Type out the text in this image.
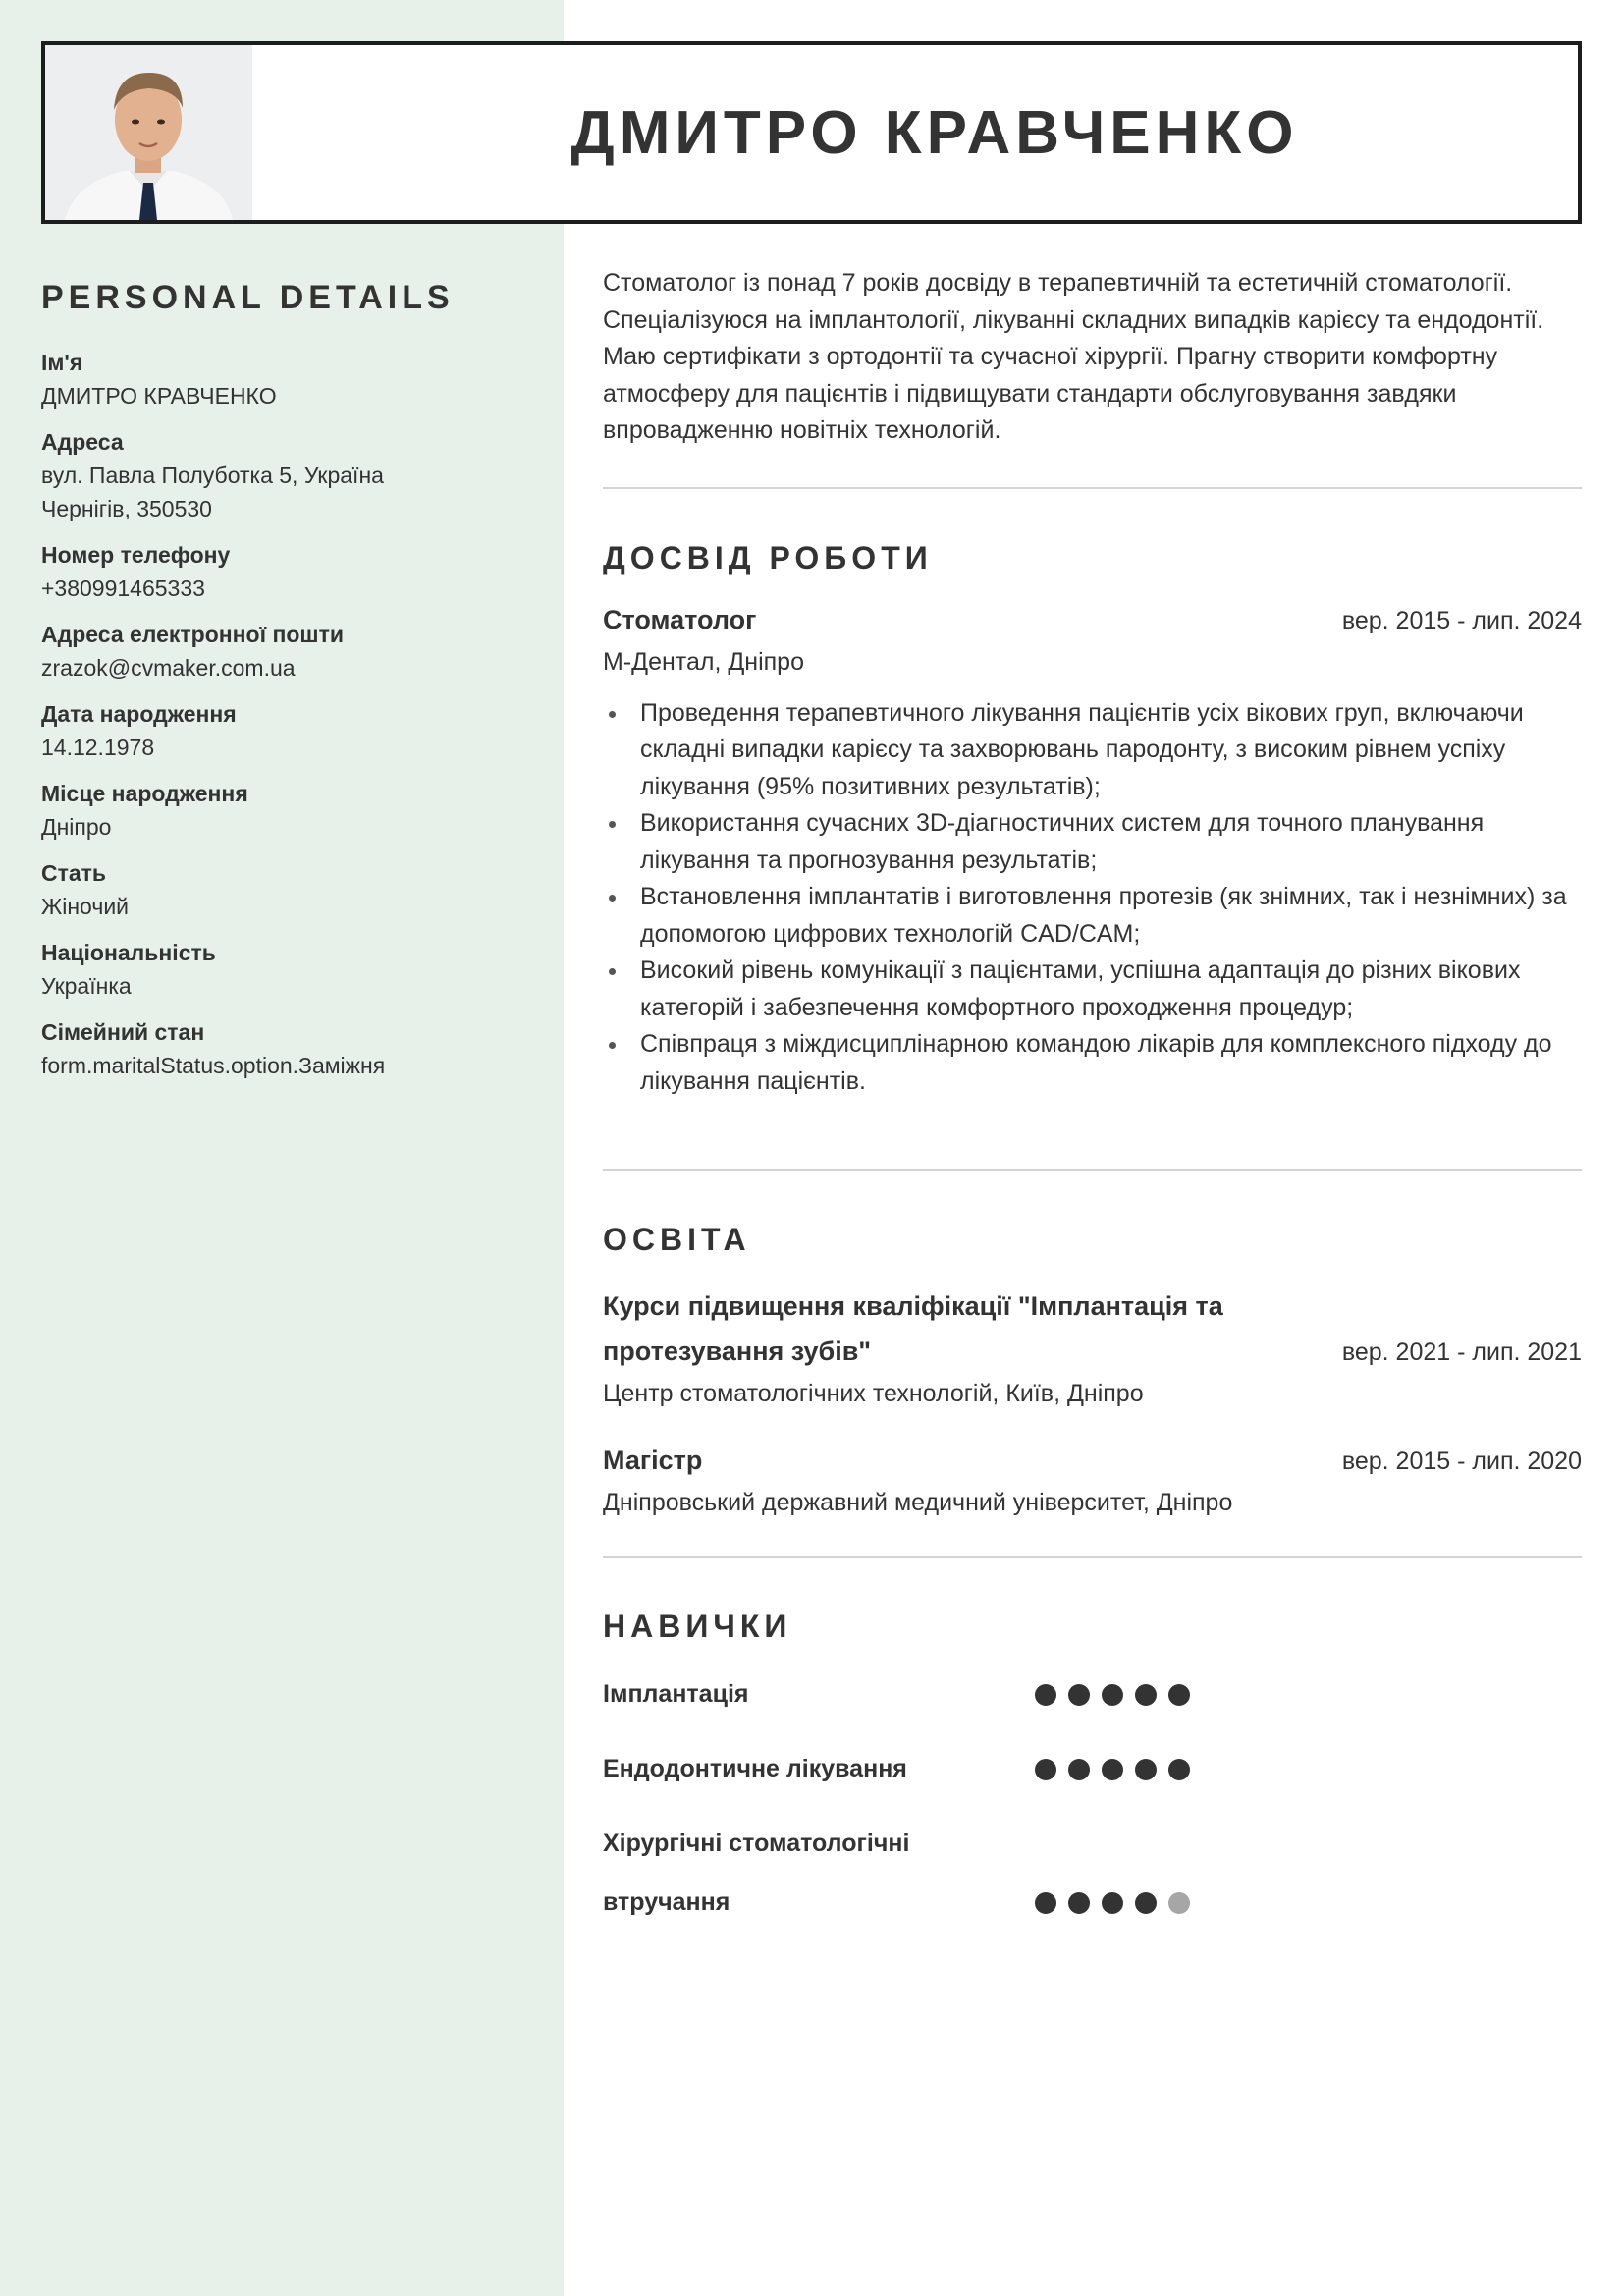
ДМИТРО КРАВЧЕНКО
PERSONAL DETAILS
Ім'я
ДМИТРО КРАВЧЕНКО
Адреса
вул. Павла Полуботка 5, Україна
Чернігів, 350530
Номер телефону
+380991465333
Адреса електронної пошти
zrazok@cvmaker.com.ua
Дата народження
14.12.1978
Місце народження
Дніпро
Стать
Жіночий
Національність
Українка
Сімейний стан
form.maritalStatus.option.Заміжня
Стоматолог із понад 7 років досвіду в терапевтичній та естетичній стоматології. Спеціалізуюся на імплантології, лікуванні складних випадків карієсу та ендодонтії. Маю сертифікати з ортодонтії та сучасної хірургії. Прагну створити комфортну атмосферу для пацієнтів і підвищувати стандарти обслуговування завдяки впровадженню новітніх технологій.
ДОСВІД РОБОТИ
Стоматолог	вер. 2015 - лип. 2024
М-Дентал, Дніпро
Проведення терапевтичного лікування пацієнтів усіх вікових груп, включаючи складні випадки карієсу та захворювань пародонту, з високим рівнем успіху лікування (95% позитивних результатів);
Використання сучасних 3D-діагностичних систем для точного планування лікування та прогнозування результатів;
Встановлення імплантатів і виготовлення протезів (як знімних, так і незнімних) за допомогою цифрових технологій CAD/CAM;
Високий рівень комунікації з пацієнтами, успішна адаптація до різних вікових категорій і забезпечення комфортного проходження процедур;
Співпраця з міждисциплінарною командою лікарів для комплексного підходу до лікування пацієнтів.
ОСВІТА
Курси підвищення кваліфікації "Імплантація та протезування зубів"	вер. 2021 - лип. 2021
Центр стоматологічних технологій, Київ, Дніпро
Магістр	вер. 2015 - лип. 2020
Дніпровський державний медичний університет, Дніпро
НАВИЧКИ
Імплантація
Ендодонтичне лікування
Хірургічні стоматологічні втручання
